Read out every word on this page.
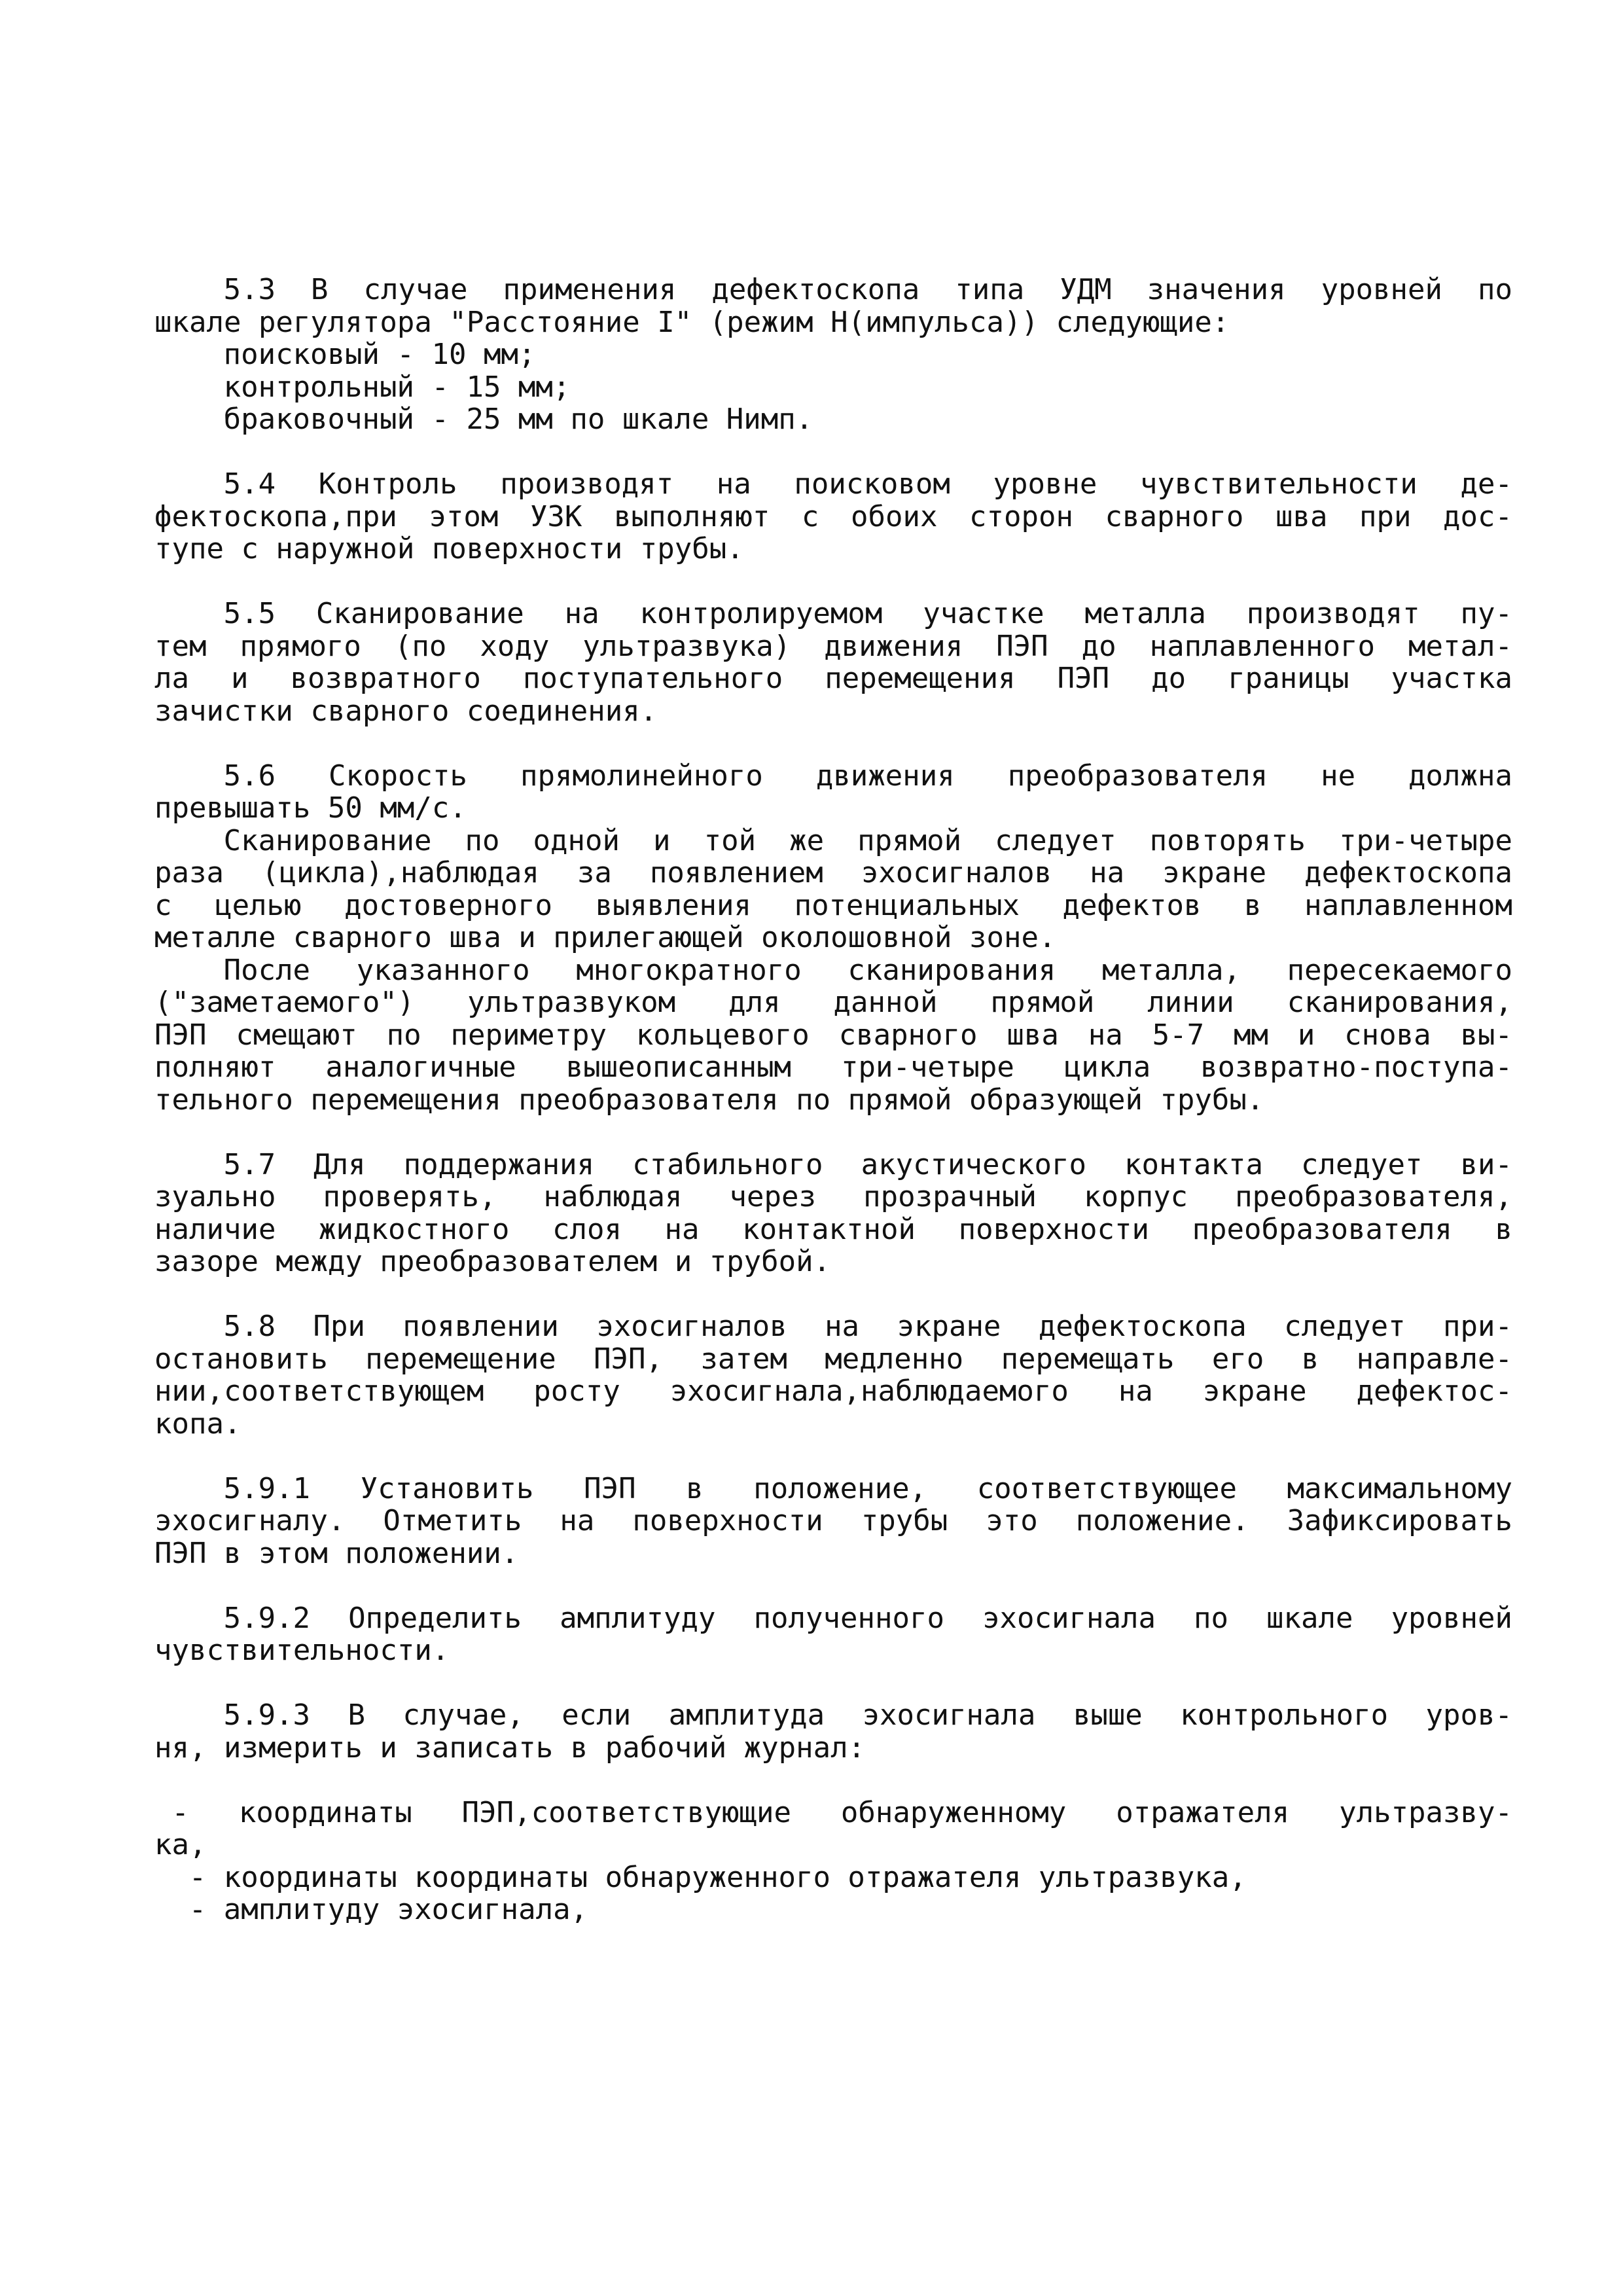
5.3 В случае применения дефектоскопа типа УДМ значения уровней по
шкале регулятора "Расстояние I" (режим Н(импульса)) следующие:
поисковый - 10 мм;
контрольный - 15 мм;
браковочный - 25 мм по шкале Нимп.
5.4 Контроль производят на поисковом уровне чувствительности де-
фектоскопа,при этом УЗК выполняют с обоих сторон сварного шва при дос-
тупе с наружной поверхности трубы.
5.5 Сканирование на контролируемом участке металла производят пу-
тем прямого (по ходу ультразвука) движения ПЭП до наплавленного метал-
ла и возвратного поступательного перемещения ПЭП до границы участка
зачистки сварного соединения.
5.6 Скорость прямолинейного движения преобразователя не должна
превышать 50 мм/с.
Сканирование по одной и той же прямой следует повторять три-четыре
раза (цикла),наблюдая за появлением эхосигналов на экране дефектоскопа
с целью достоверного выявления потенциальных дефектов в наплавленном
металле сварного шва и прилегающей околошовной зоне.
После указанного многократного сканирования металла, пересекаемого
("заметаемого") ультразвуком для данной прямой линии сканирования,
ПЭП смещают по периметру кольцевого сварного шва на 5-7 мм и снова вы-
полняют аналогичные вышеописанным три-четыре цикла возвратно-поступа-
тельного перемещения преобразователя по прямой образующей трубы.
5.7 Для поддержания стабильного акустического контакта следует ви-
зуально проверять, наблюдая через прозрачный корпус преобразователя,
наличие жидкостного слоя на контактной поверхности преобразователя в
зазоре между преобразователем и трубой.
5.8 При появлении эхосигналов на экране дефектоскопа следует при-
остановить перемещение ПЭП, затем медленно перемещать его в направле-
нии,соответствующем росту эхосигнала,наблюдаемого на экране дефектос-
копа.
5.9.1 Установить ПЭП в положение, соответствующее максимальному
эхосигналу. Отметить на поверхности трубы это положение. Зафиксировать
ПЭП в этом положении.
5.9.2 Определить амплитуду полученного эхосигнала по шкале уровней
чувствительности.
5.9.3 В случае, если амплитуда эхосигнала выше контрольного уров-
ня, измерить и записать в рабочий журнал:
- координаты ПЭП,соответствующие обнаруженному отражателя ультразву-
ка,
- координаты координаты обнаруженного отражателя ультразвука,
- амплитуду эхосигнала,
